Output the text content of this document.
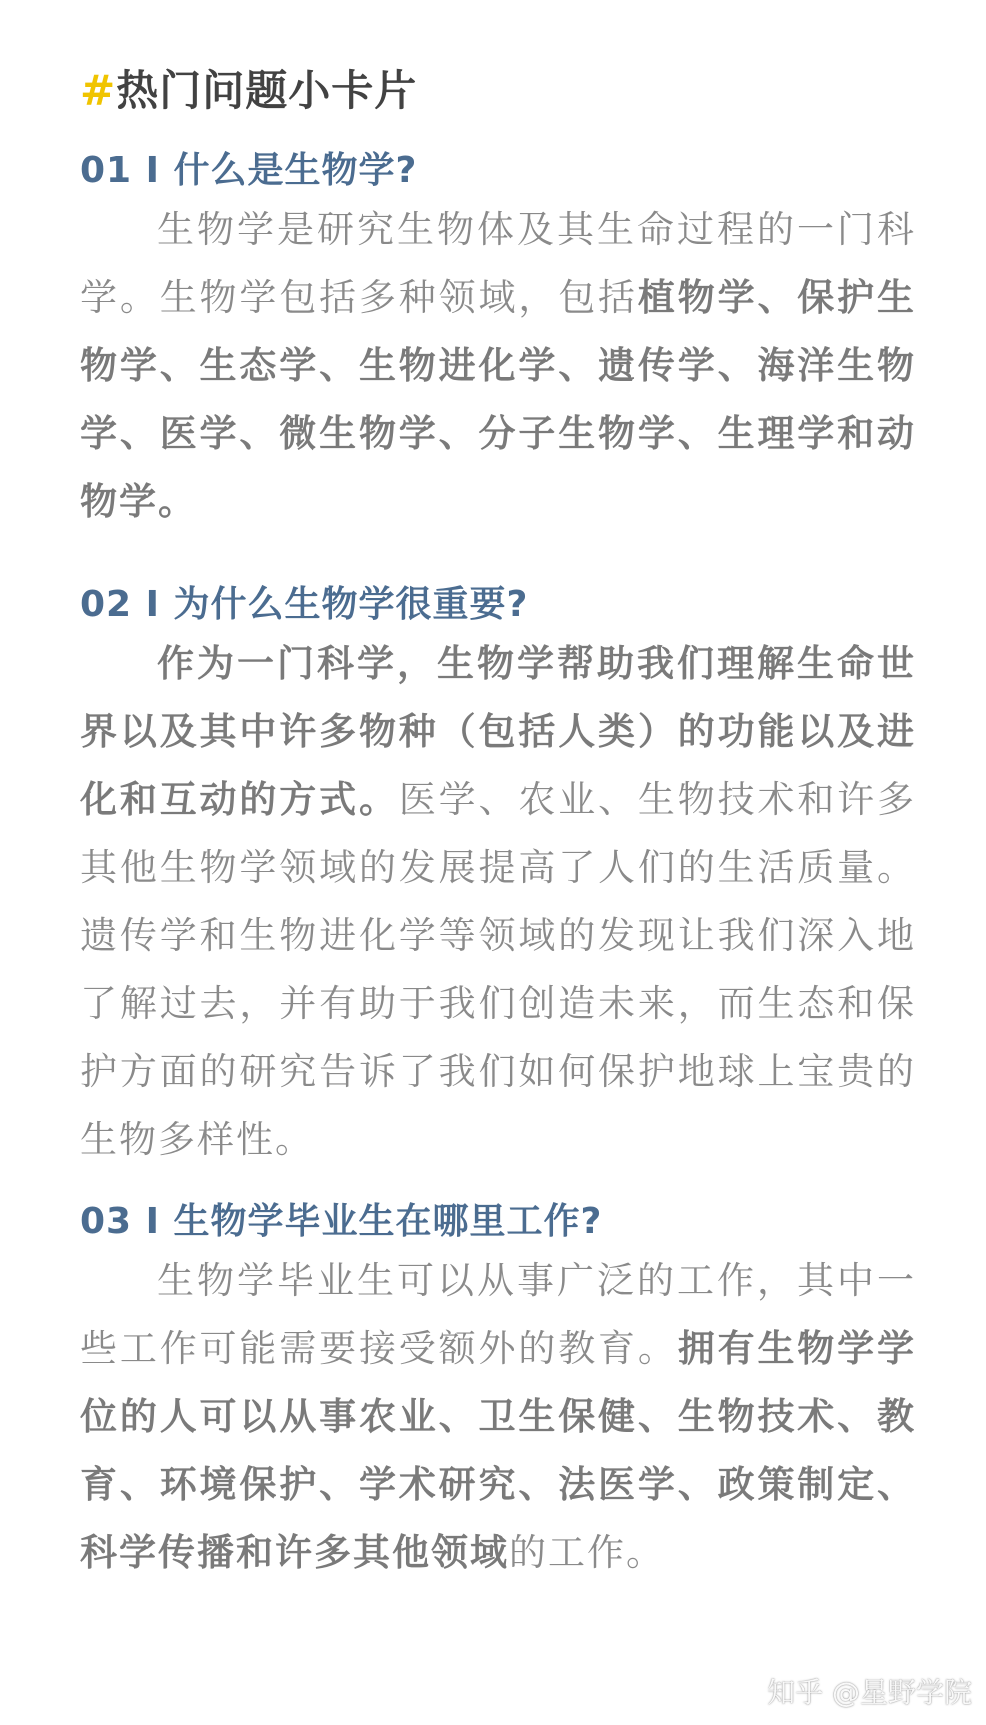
#热门问题小卡片
01 I 什么是生物学?
生物学是研究生物体及其生命过程的一门科学。生物学包括多种领域，包括植物学、保护生物学、生态学、生物进化学、遗传学、海洋生物学、医学、微生物学、分子生物学、生理学和动物学。
02 I 为什么生物学很重要?
作为一门科学，生物学帮助我们理解生命世界以及其中许多物种（包括人类）的功能以及进化和互动的方式。医学、农业、生物技术和许多其他生物学领域的发展提高了人们的生活质量。遗传学和生物进化学等领域的发现让我们深入地了解过去，并有助于我们创造未来，而生态和保护方面的研究告诉了我们如何保护地球上宝贵的生物多样性。
03 I 生物学毕业生在哪里工作?
生物学毕业生可以从事广泛的工作，其中一些工作可能需要接受额外的教育。拥有生物学学位的人可以从事农业、卫生保健、生物技术、教育、环境保护、学术研究、法医学、政策制定、科学传播和许多其他领域的工作。
知乎 @星野学院
